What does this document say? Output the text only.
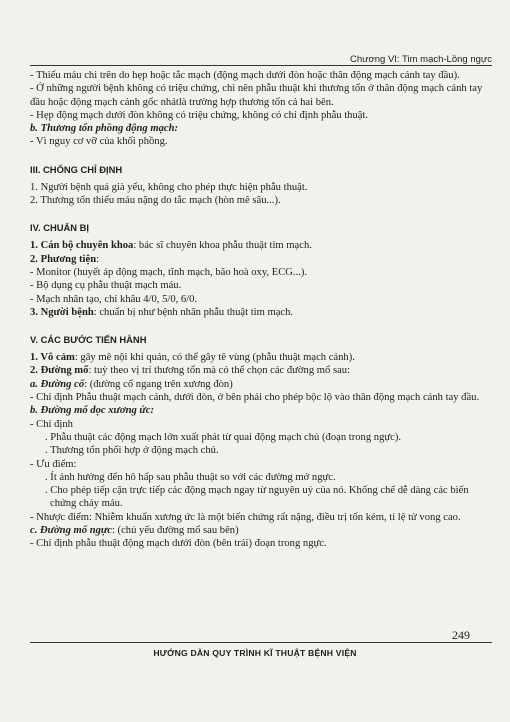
Chương VI: Tim mạch-Lồng ngực

- Thiếu máu chi trên do hẹp hoặc tắc mạch (động mạch dưới đòn hoặc thân động mạch cánh tay đầu).

- Ở những người bệnh không có triệu chứng, chỉ nên phẫu thuật khi thương tổn ở thân động mạch cánh tay đầu hoặc động mạch cảnh gốc nhátlà trường hợp thương tổn cả hai bên.

- Hẹp động mạch dưới đòn không có triệu chứng, không có chỉ định phẫu thuật.

b. Thương tổn phồng động mạch:

- Vì nguy cơ vỡ của khối phồng.

III. CHỐNG CHỈ ĐỊNH

1. Người bệnh quá già yếu, không cho phép thực hiện phẫu thuật.

2. Thương tổn thiếu máu nặng do tắc mạch (hòn mê sâu...).

IV. CHUẨN BỊ

1. Cán bộ chuyên khoa: bác sĩ chuyên khoa phẫu thuật tim mạch.

2. Phương tiện:

- Monitor (huyết áp động mạch, tĩnh mạch, bão hoà oxy, ECG...).

- Bộ dụng cụ phẫu thuật mạch máu.

- Mạch nhân tạo, chỉ khâu 4/0, 5/0, 6/0.

3. Người bệnh: chuẩn bị như bệnh nhân phẫu thuật tim mạch.

V. CÁC BƯỚC TIẾN HÀNH

1. Vô cảm: gây mê nội khí quản, có thể gây tê vùng (phẫu thuật mạch cảnh).

2. Đường mổ: tuỳ theo vị trí thương tổn mà có thể chọn các đường mổ sau:

a. Đường cổ: (đường cổ ngang trên xương đòn)

- Chỉ định Phẫu thuật mạch cảnh, dưới đòn, ở bên phải cho phép bộc lộ vào thân động mạch cánh tay đầu.

b. Đường mổ dọc xương ức:

- Chỉ định

. Phẫu thuật các động mạch lớn xuất phát từ quai động mạch chủ (đoạn trong ngực).

. Thương tổn phối hợp ở động mạch chủ.

- Ưu điểm:

. Ít ảnh hưởng đến hô hấp sau phẫu thuật so với các đường mở ngực.

. Cho phép tiếp cận trực tiếp các động mạch ngay từ nguyên uỷ của nó. Khống chế dễ dàng các biến chứng chảy máu.

- Nhược điểm: Nhiễm khuẩn xương ức là một biến chứng rất nặng, điều trị tốn kém, tỉ lệ tử vong cao.

c. Đường mổ ngực: (chủ yếu đường mổ sau bên)

- Chỉ định phẫu thuật động mạch dưới đòn (bên trái) đoạn trong ngực.

249
HƯỚNG DẪN QUY TRÌNH KĨ THUẬT BỆNH VIỆN
